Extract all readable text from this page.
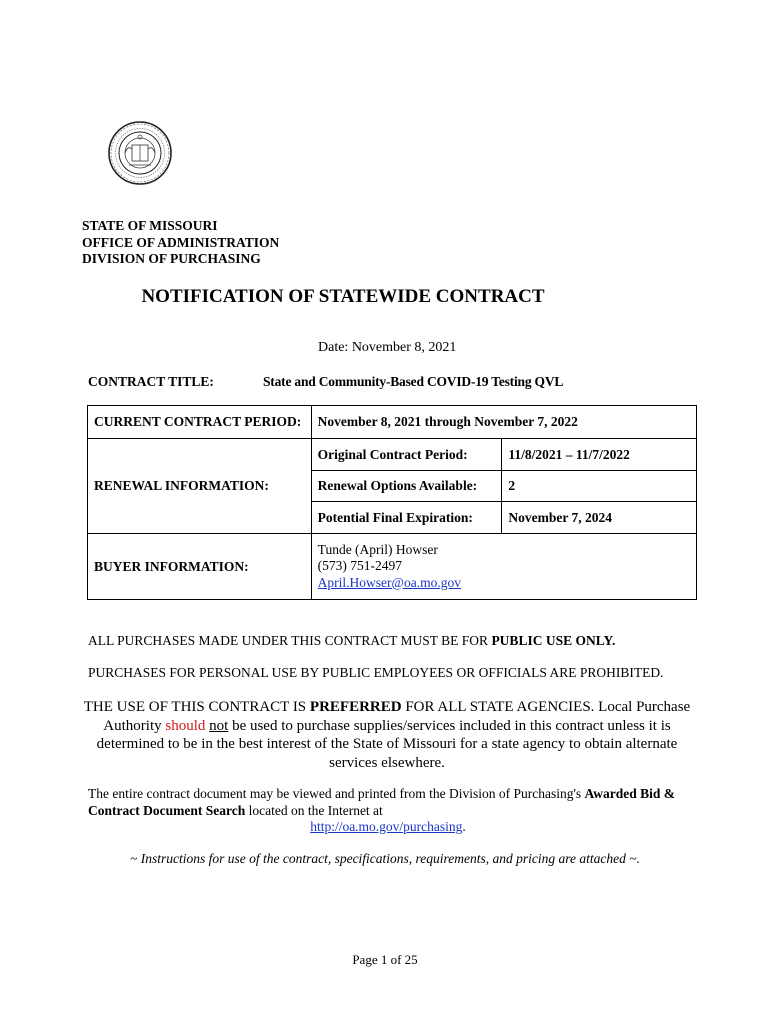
STATE OF MISSOURI
OFFICE OF ADMINISTRATION
DIVISION OF PURCHASING
NOTIFICATION OF STATEWIDE CONTRACT
Date: November 8, 2021
CONTRACT TITLE:	State and Community-Based COVID-19 Testing QVL
CURRENT CONTRACT PERIOD:	November 8, 2021 through November 7, 2022	
RENEWAL INFORMATION:	Original Contract Period:	11/8/2021 – 11/7/2022
	Renewal Options Available:	2
	Potential Final Expiration:	November 7, 2024
BUYER INFORMATION:	Tunde (April) Howser
(573) 751-2497
April.Howser@oa.mo.gov	
ALL PURCHASES MADE UNDER THIS CONTRACT MUST BE FOR PUBLIC USE ONLY.
PURCHASES FOR PERSONAL USE BY PUBLIC EMPLOYEES OR OFFICIALS ARE PROHIBITED.
THE USE OF THIS CONTRACT IS PREFERRED FOR ALL STATE AGENCIES. Local Purchase Authority should not be used to purchase supplies/services included in this contract unless it is determined to be in the best interest of the State of Missouri for a state agency to obtain alternate services elsewhere.
The entire contract document may be viewed and printed from the Division of Purchasing's Awarded Bid & Contract Document Search located on the Internet at
http://oa.mo.gov/purchasing.
~ Instructions for use of the contract, specifications, requirements, and pricing are attached ~.
Page 1 of 25
